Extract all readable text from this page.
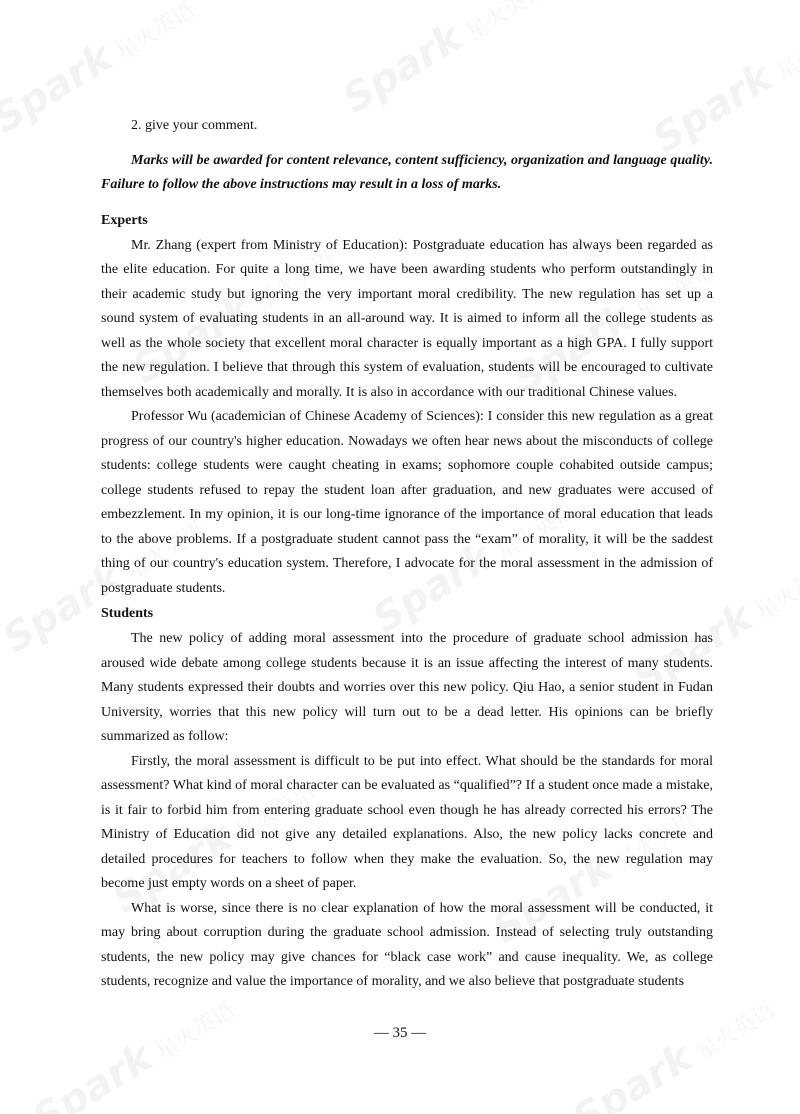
2. give your comment.

Marks will be awarded for content relevance, content sufficiency, organization and language quality. Failure to follow the above instructions may result in a loss of marks.

Experts

Mr. Zhang (expert from Ministry of Education): Postgraduate education has always been regarded as the elite education. For quite a long time, we have been awarding students who perform outstandingly in their academic study but ignoring the very important moral credibility. The new regulation has set up a sound system of evaluating students in an all-around way. It is aimed to inform all the college students as well as the whole society that excellent moral character is equally important as a high GPA. I fully support the new regulation. I believe that through this system of evaluation, students will be encouraged to cultivate themselves both academically and morally. It is also in accordance with our traditional Chinese values.

Professor Wu (academician of Chinese Academy of Sciences): I consider this new regulation as a great progress of our country's higher education. Nowadays we often hear news about the misconducts of college students: college students were caught cheating in exams; sophomore couple cohabited outside campus; college students refused to repay the student loan after graduation, and new graduates were accused of embezzlement. In my opinion, it is our long-time ignorance of the importance of moral education that leads to the above problems. If a postgraduate student cannot pass the “exam” of morality, it will be the saddest thing of our country's education system. Therefore, I advocate for the moral assessment in the admission of postgraduate students.

Students

The new policy of adding moral assessment into the procedure of graduate school admission has aroused wide debate among college students because it is an issue affecting the interest of many students. Many students expressed their doubts and worries over this new policy. Qiu Hao, a senior student in Fudan University, worries that this new policy will turn out to be a dead letter. His opinions can be briefly summarized as follow:

Firstly, the moral assessment is difficult to be put into effect. What should be the standards for moral assessment? What kind of moral character can be evaluated as “qualified”? If a student once made a mistake, is it fair to forbid him from entering graduate school even though he has already corrected his errors? The Ministry of Education did not give any detailed explanations. Also, the new policy lacks concrete and detailed procedures for teachers to follow when they make the evaluation. So, the new regulation may become just empty words on a sheet of paper.

What is worse, since there is no clear explanation of how the moral assessment will be conducted, it may bring about corruption during the graduate school admission. Instead of selecting truly outstanding students, the new policy may give chances for “black case work” and cause inequality. We, as college students, recognize and value the importance of morality, and we also believe that postgraduate students

— 35 —
